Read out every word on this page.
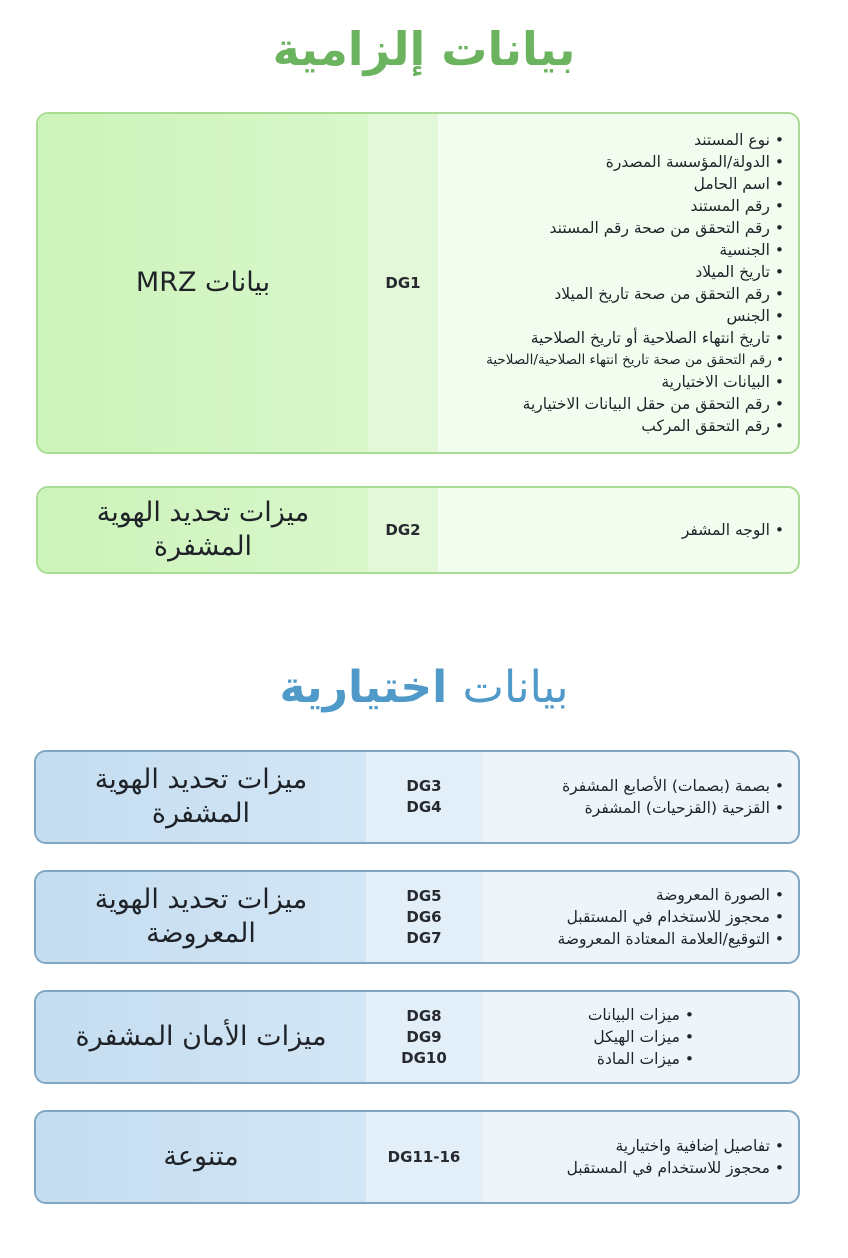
بيانات إلزامية
بيانات MRZ	DG1
• نوع المستند
• الدولة/المؤسسة المصدرة
• اسم الحامل
• رقم المستند
• رقم التحقق من صحة رقم المستند
• الجنسية
• تاريخ الميلاد
• رقم التحقق من صحة تاريخ الميلاد
• الجنس
• تاريخ انتهاء الصلاحية أو تاريخ الصلاحية
• رقم التحقق من صحة تاريخ انتهاء الصلاحية/الصلاحية
• البيانات الاختيارية
• رقم التحقق من حقل البيانات الاختيارية
• رقم التحقق المركب
ميزات تحديد الهوية المشفرة
DG2
•	الوجه المشفر
بيانات اختيارية
ميزات تحديد الهوية المشفرة
DG3
DG4
• بصمة (بصمات) الأصابع المشفرة
• القزحية (القزحيات) المشفرة
ميزات تحديد الهوية المعروضة
DG5
DG6
DG7
• الصورة المعروضة
• محجوز للاستخدام في المستقبل
• التوقيع/العلامة المعتادة المعروضة
ميزات الأمان المشفرة
DG8
DG9
DG10
• ميزات البيانات
• ميزات الهيكل
• ميزات المادة
متنوعة	DG11-16
• تفاصيل إضافية واختيارية
• محجوز للاستخدام في المستقبل
